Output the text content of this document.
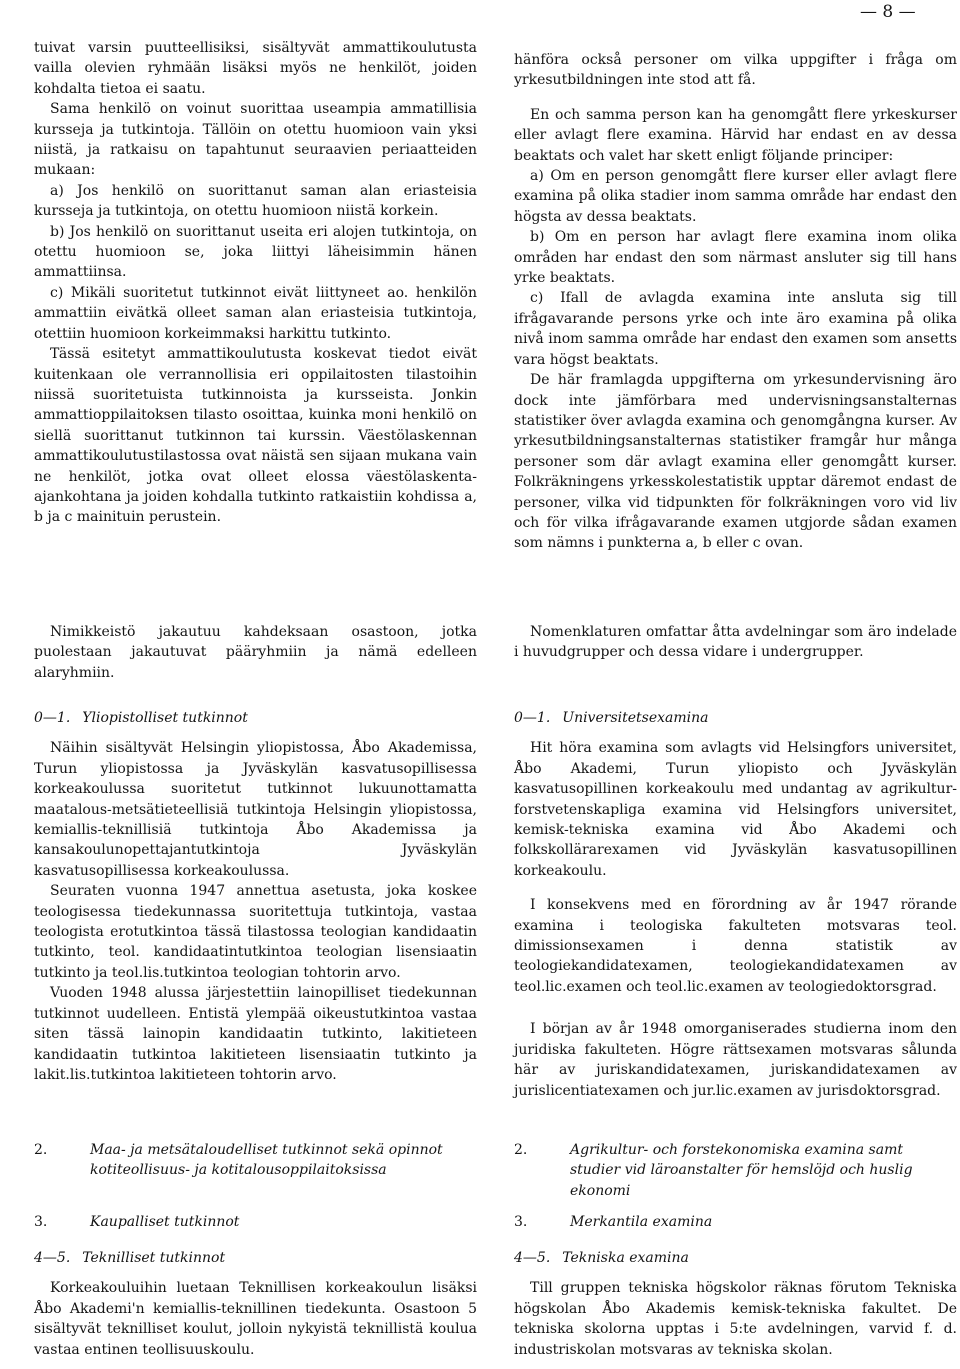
— 8 —

tuivat varsin puutteellisiksi, sisältyvät ammattikoulutusta vailla olevien ryhmään lisäksi myös ne henkilöt, joiden kohdalta tietoa ei saatu.

Sama henkilö on voinut suorittaa useampia ammatillisia kursseja ja tutkintoja. Tällöin on otettu huomioon vain yksi niistä, ja ratkaisu on tapahtunut seuraavien periaatteiden mukaan:

a) Jos henkilö on suorittanut saman alan eriasteisia kursseja ja tutkintoja, on otettu huomioon niistä korkein.

b) Jos henkilö on suorittanut useita eri alojen tutkintoja, on otettu huomioon se, joka liittyi läheisimmin hänen ammattiinsa.

c) Mikäli suoritetut tutkinnot eivät liittyneet ao. henkilön ammattiin eivätkä olleet saman alan eriasteisia tutkintoja, otettiin huomioon korkeimmaksi harkittu tutkinto.

Tässä esitetyt ammattikoulutusta koskevat tiedot eivät kuitenkaan ole verrannollisia eri oppilaitosten tilastoihin niissä suoritetuista tutkinnoista ja kursseista. Jonkin ammattioppilaitoksen tilasto osoittaa, kuinka moni henkilö on siellä suorittanut tutkinnon tai kurssin. Väestölaskennan ammattikoulutustilastossa ovat näistä sen sijaan mukana vain ne henkilöt, jotka ovat olleet elossa väestölaskenta-ajankohtana ja joiden kohdalla tutkinto ratkaistiin kohdissa a, b ja c mainituin perustein.

Nimikkeistö jakautuu kahdeksaan osastoon, jotka puolestaan jakautuvat pääryhmiin ja nämä edelleen alaryhmiin.

0—1. Yliopistolliset tutkinnot

Näihin sisältyvät Helsingin yliopistossa, Åbo Akademissa, Turun yliopistossa ja Jyväskylän kasvatusopillisessa korkeakoulussa suoritetut tutkinnot lukuunottamatta maatalous-metsätieteellisiä tutkintoja Helsingin yliopistossa, kemiallis-teknillisiä tutkintoja Åbo Akademissa ja kansakoulunopettajantutkintoja Jyväskylän kasvatusopillisessa korkeakoulussa.

Seuraten vuonna 1947 annettua asetusta, joka koskee teologisessa tiedekunnassa suoritettuja tutkintoja, vastaa teologista erotutkintoa tässä tilastossa teologian kandidaatin tutkinto, teol. kandidaatintutkintoa teologian lisensiaatin tutkinto ja teol.lis.tutkintoa teologian tohtorin arvo.

Vuoden 1948 alussa järjestettiin lainopilliset tiedekunnan tutkinnot uudelleen. Entistä ylempää oikeustutkintoa vastaa siten tässä lainopin kandidaatin tutkinto, lakitieteen kandidaatin tutkintoa lakitieteen lisensiaatin tutkinto ja lakit.lis.tutkintoa lakitieteen tohtorin arvo.

2.	Maa- ja metsätaloudelliset tutkinnot sekä opinnot kotiteollisuus- ja kotitalousoppilaitoksissa
3.	Kaupalliset tutkinnot
4—5. Teknilliset tutkinnot

Korkeakouluihin luetaan Teknillisen korkeakoulun lisäksi Åbo Akademi'n kemiallis-teknillinen tiedekunta. Osastoon 5 sisältyvät teknilliset koulut, jolloin nykyistä teknillistä koulua vastaa entinen teollisuuskoulu.

hänföra också personer om vilka uppgifter i fråga om yrkesutbildningen inte stod att få.

En och samma person kan ha genomgått flere yrkeskurser eller avlagt flere examina. Härvid har endast en av dessa beaktats och valet har skett enligt följande principer:

a) Om en person genomgått flere kurser eller avlagt flere examina på olika stadier inom samma område har endast den högsta av dessa beaktats.

b) Om en person har avlagt flere examina inom olika områden har endast den som närmast ansluter sig till hans yrke beaktats.

c) Ifall de avlagda examina inte ansluta sig till ifrågavarande persons yrke och inte äro examina på olika nivå inom samma område har endast den examen som ansetts vara högst beaktats.

De här framlagda uppgifterna om yrkesundervisning äro dock inte jämförbara med undervisningsanstalternas statistiker över avlagda examina och genomgångna kurser. Av yrkesutbildningsanstalternas statistiker framgår hur många personer som där avlagt examina eller genomgått kurser. Folkräkningens yrkesskolestatistik upptar däremot endast de personer, vilka vid tidpunkten för folkräkningen voro vid liv och för vilka ifrågavarande examen utgjorde sådan examen som nämns i punkterna a, b eller c ovan.

Nomenklaturen omfattar åtta avdelningar som äro indelade i huvudgrupper och dessa vidare i undergrupper.

0—1. Universitetsexamina

Hit höra examina som avlagts vid Helsingfors universitet, Åbo Akademi, Turun yliopisto och Jyväskylän kasvatusopillinen korkeakoulu med undantag av agrikultur-forstvetenskapliga examina vid Helsingfors universitet, kemisk-tekniska examina vid Åbo Akademi och folkskollärarexamen vid Jyväskylän kasvatusopillinen korkeakoulu.

I konsekvens med en förordning av år 1947 rörande examina i teologiska fakulteten motsvaras teol. dimissionsexamen i denna statistik av teologiekandidatexamen, teologiekandidatexamen av teol.lic.examen och teol.lic.examen av teologiedoktorsgrad.

I början av år 1948 omorganiserades studierna inom den juridiska fakulteten. Högre rättsexamen motsvaras sålunda här av juriskandidatexamen, juriskandidatexamen av jurislicentiatexamen och jur.lic.examen av jurisdoktorsgrad.

2.	Agrikultur- och forstekonomiska examina samt studier vid läroanstalter för hemslöjd och huslig ekonomi
3.	Merkantila examina
4—5. Tekniska examina

Till gruppen tekniska högskolor räknas förutom Tekniska högskolan Åbo Akademis kemisk-tekniska fakultet. De tekniska skolorna upptas i 5:te avdelningen, varvid f. d. industriskolan motsvaras av tekniska skolan.
